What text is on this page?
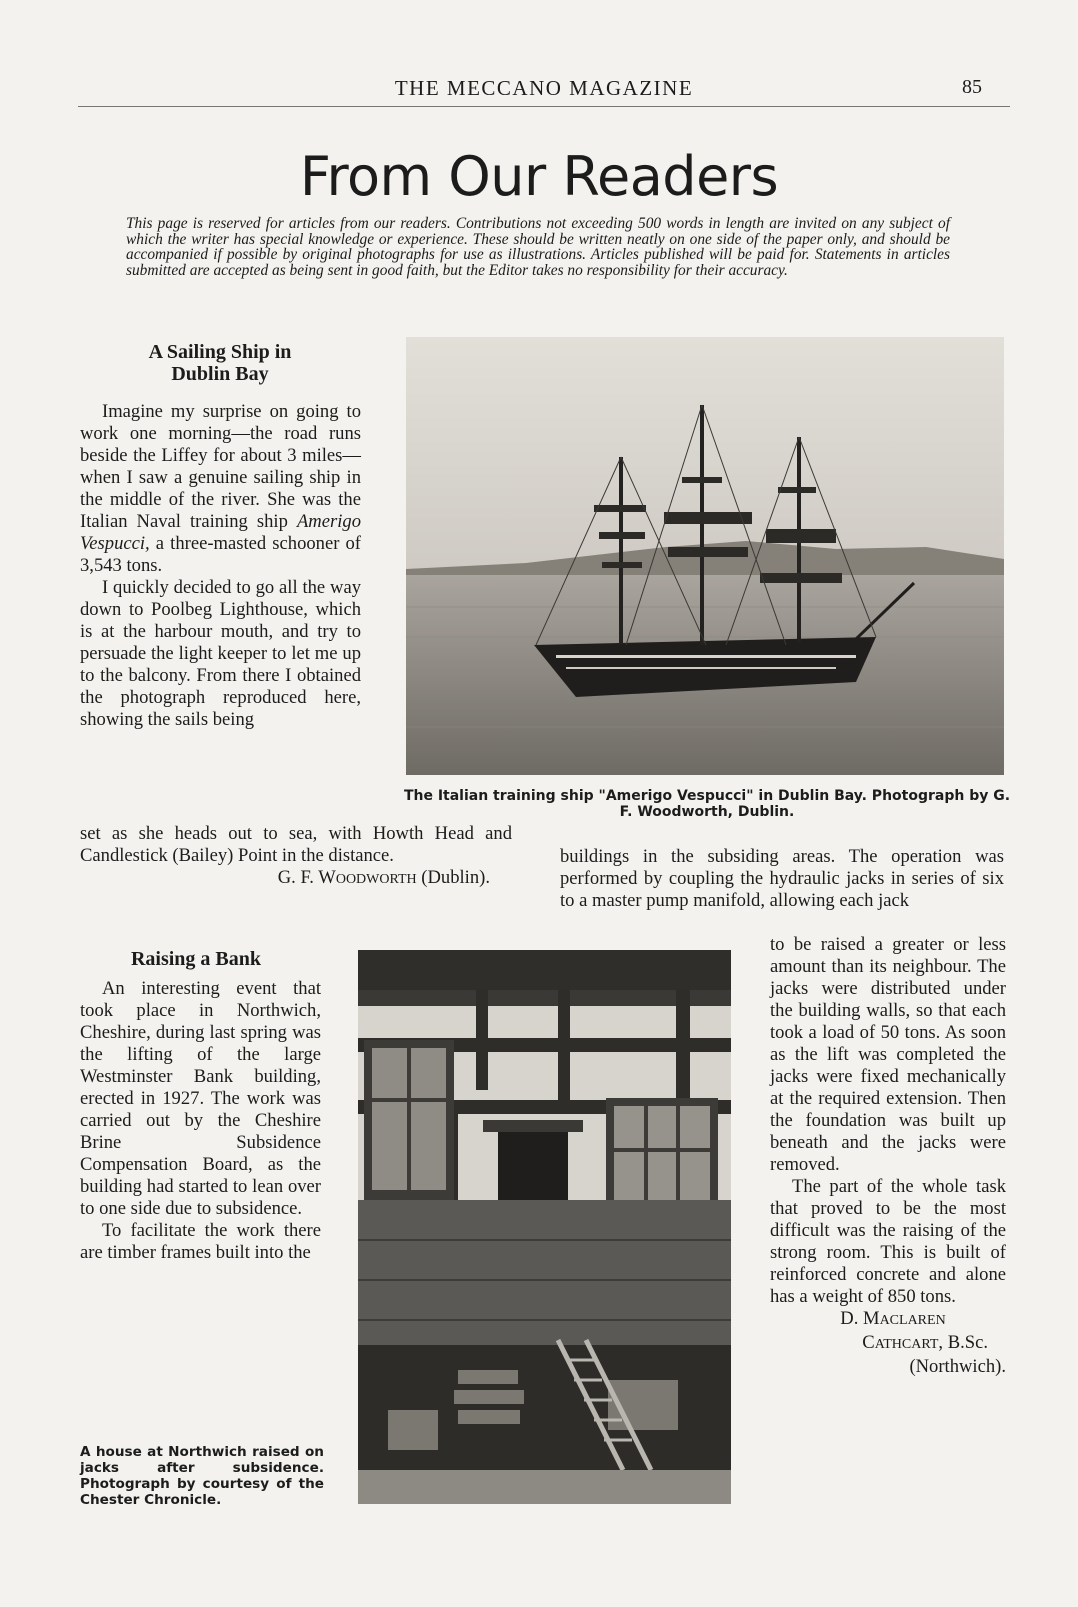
THE MECCANO MAGAZINE	85
From Our Readers

This page is reserved for articles from our readers. Contributions not exceeding 500 words in length are invited on any subject of which the writer has special knowledge or experience. These should be written neatly on one side of the paper only, and should be accompanied if possible by original photographs for use as illustrations. Articles published will be paid for. Statements in articles submitted are accepted as being sent in good faith, but the Editor takes no responsibility for their accuracy.

A Sailing Ship in
Dublin Bay

Imagine my surprise on going to work one morning—the road runs beside the Liffey for about 3 miles—when I saw a genuine sailing ship in the middle of the river. She was the Italian Naval training ship Amerigo Vespucci, a three-masted schooner of 3,543 tons.

I quickly decided to go all the way down to Poolbeg Lighthouse, which is at the harbour mouth, and try to persuade the light keeper to let me up to the balcony. From there I obtained the photograph reproduced here, showing the sails being

set as she heads out to sea, with Howth Head and Candlestick (Bailey) Point in the distance.

G. F. WOODWORTH (Dublin).
The Italian training ship "Amerigo Vespucci" in Dublin Bay. Photograph by G. F. Woodworth, Dublin.
Raising a Bank

An interesting event that took place in Northwich, Cheshire, during last spring was the lifting of the large Westminster Bank building, erected in 1927. The work was carried out by the Cheshire Brine Subsidence Compensation Board, as the building had started to lean over to one side due to subsidence.

To facilitate the work there are timber frames built into the

A house at Northwich raised on jacks after subsidence. Photograph by courtesy of the Chester Chronicle.

buildings in the subsiding areas. The operation was performed by coupling the hydraulic jacks in series of six to a master pump manifold, allowing each jack

to be raised a greater or less amount than its neighbour. The jacks were distributed under the building walls, so that each took a load of 50 tons. As soon as the lift was completed the jacks were fixed mechanically at the required extension. Then the foundation was built up beneath and the jacks were removed.

The part of the whole task that proved to be the most difficult was the raising of the strong room. This is built of reinforced concrete and alone has a weight of 850 tons.

D. MACLAREN
CATHCART, B.Sc.
(Northwich).
